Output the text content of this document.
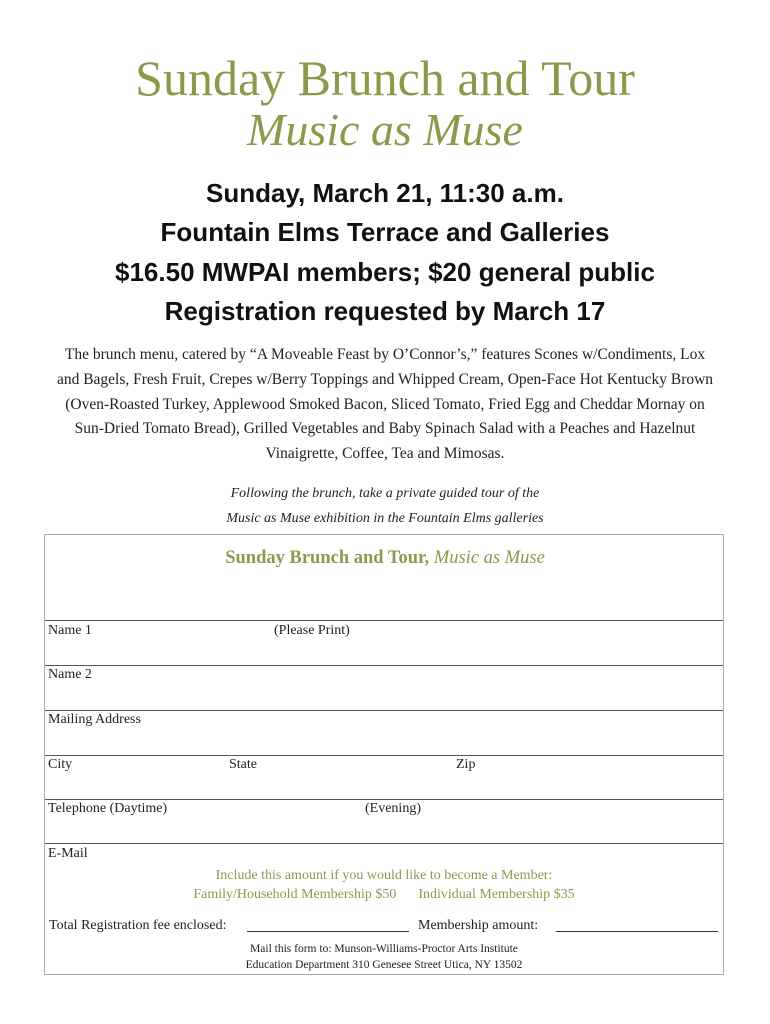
Sunday Brunch and Tour
Music as Muse
Sunday, March 21, 11:30 a.m.
Fountain Elms Terrace and Galleries
$16.50 MWPAI members; $20 general public
Registration requested by March 17
The brunch menu, catered by “A Moveable Feast by O’Connor’s,” features Scones w/Condiments, Lox and Bagels, Fresh Fruit, Crepes w/Berry Toppings and Whipped Cream, Open-Face Hot Kentucky Brown (Oven-Roasted Turkey, Applewood Smoked Bacon, Sliced Tomato, Fried Egg and Cheddar Mornay on Sun-Dried Tomato Bread), Grilled Vegetables and Baby Spinach Salad with a Peaches and Hazelnut Vinaigrette, Coffee, Tea and Mimosas.
Following the brunch, take a private guided tour of the
Music as Muse exhibition in the Fountain Elms galleries
Sunday Brunch and Tour, Music as Muse
Name 1	(Please Print)
Name 2
Mailing Address
City	State	Zip
Telephone (Daytime)	(Evening)
E-Mail
Include this amount if you would like to become a Member:
Family/Household Membership $50 Individual Membership $35
Total Registration fee enclosed:	Membership amount:
Mail this form to: Munson-Williams-Proctor Arts Institute
Education Department 310 Genesee Street Utica, NY 13502
